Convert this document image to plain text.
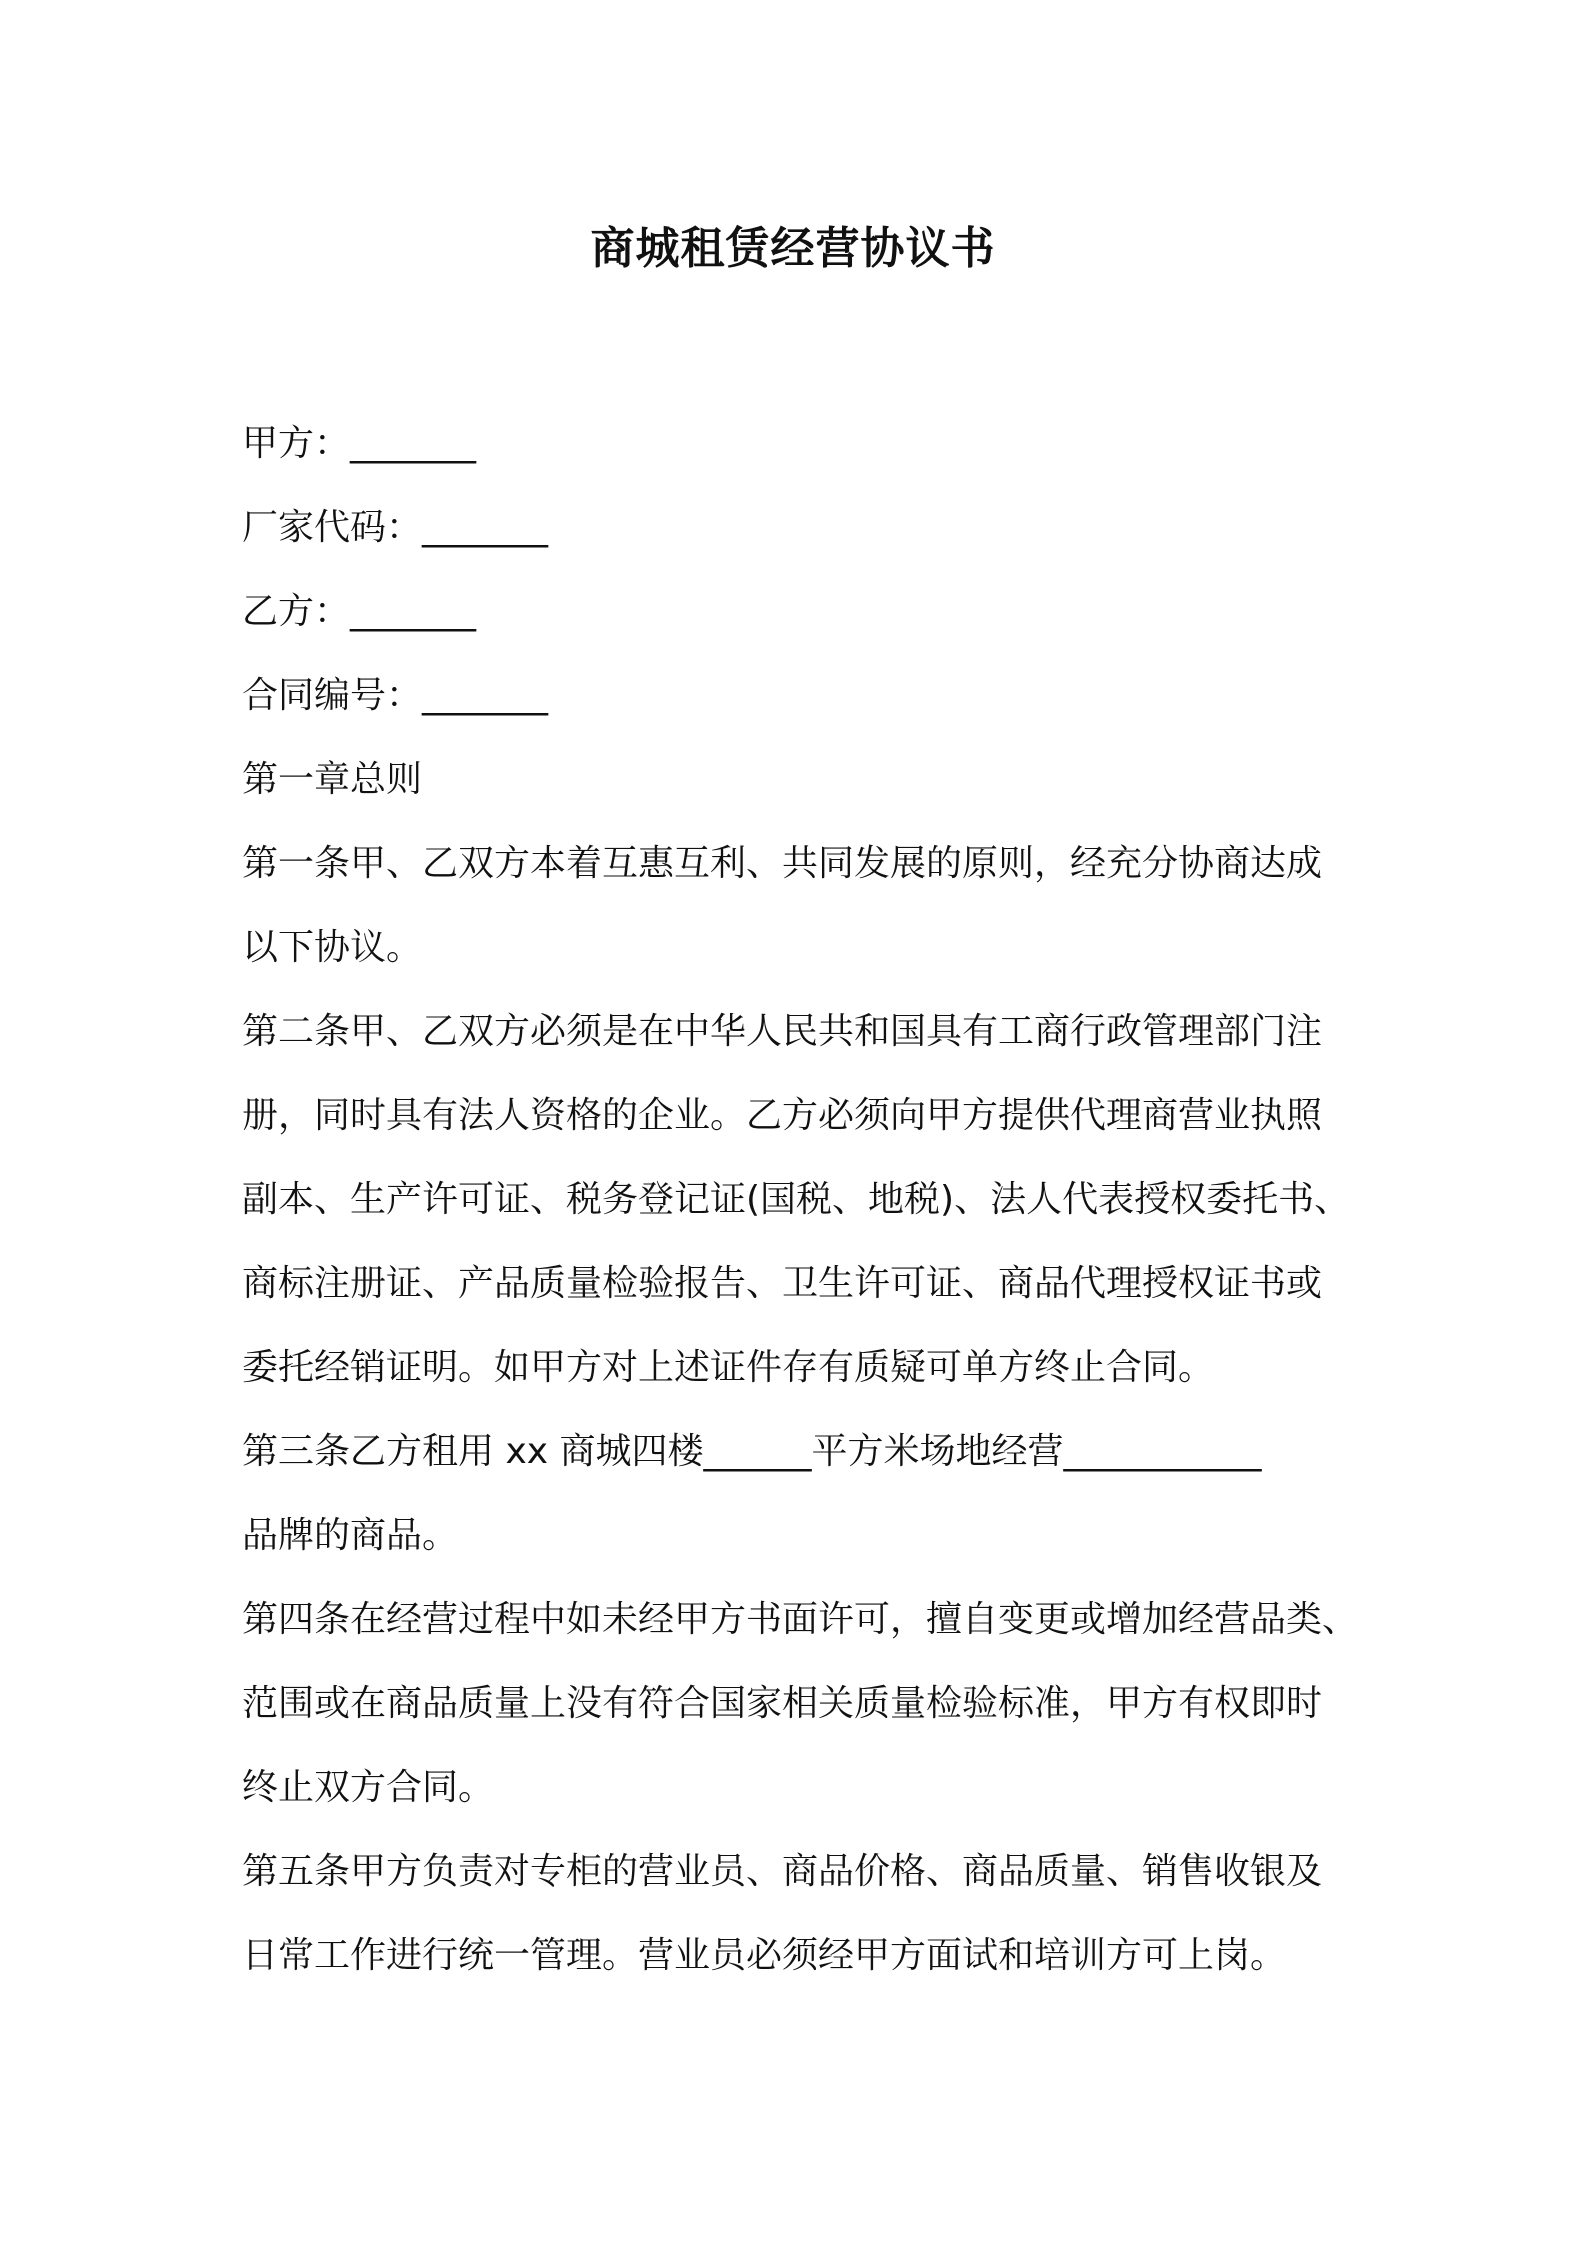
商城租赁经营协议书

甲方：_______

厂家代码：_______

乙方：_______

合同编号：_______

第一章总则

第一条甲、乙双方本着互惠互利、共同发展的原则，经充分协商达成

以下协议。

第二条甲、乙双方必须是在中华人民共和国具有工商行政管理部门注

册，同时具有法人资格的企业。乙方必须向甲方提供代理商营业执照

副本、生产许可证、税务登记证(国税、地税)、法人代表授权委托书、

商标注册证、产品质量检验报告、卫生许可证、商品代理授权证书或

委托经销证明。如甲方对上述证件存有质疑可单方终止合同。

第三条乙方租用 xx 商城四楼______平方米场地经营___________

品牌的商品。

第四条在经营过程中如未经甲方书面许可，擅自变更或增加经营品类、

范围或在商品质量上没有符合国家相关质量检验标准，甲方有权即时

终止双方合同。

第五条甲方负责对专柜的营业员、商品价格、商品质量、销售收银及

日常工作进行统一管理。营业员必须经甲方面试和培训方可上岗。
